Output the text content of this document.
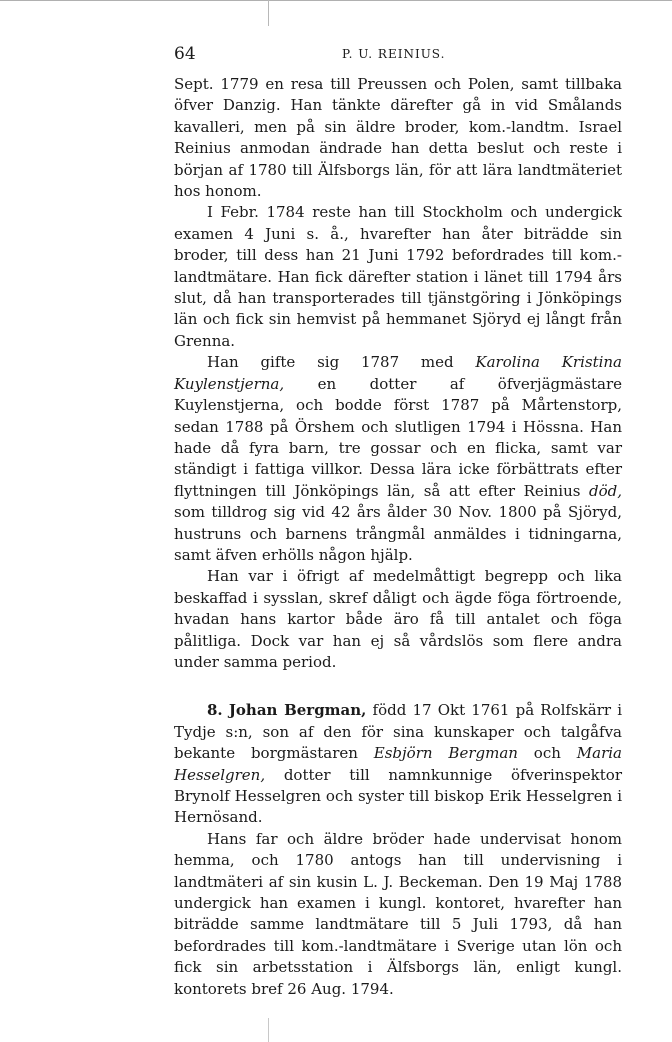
64	P. U. REINIUS.

Sept. 1779 en resa till Preussen och Polen, samt tillbaka öfver Danzig. Han tänkte därefter gå in vid Smålands kavalleri, men på sin äldre broder, kom.-landtm. Israel Reinius anmodan ändrade han detta beslut och reste i början af 1780 till Älfsborgs län, för att lära landtmäteriet hos honom.

I Febr. 1784 reste han till Stockholm och undergick examen 4 Juni s. å., hvarefter han åter biträdde sin broder, till dess han 21 Juni 1792 befordrades till kom.-landtmätare. Han fick därefter station i länet till 1794 års slut, då han transporterades till tjänstgöring i Jönköpings län och fick sin hemvist på hemmanet Sjöryd ej långt från Grenna.

Han gifte sig 1787 med Karolina Kristina Kuylenstjerna, en dotter af öfverjägmästare Kuylenstjerna, och bodde först 1787 på Mårtenstorp, sedan 1788 på Örshem och slutligen 1794 i Hössna. Han hade då fyra barn, tre gossar och en flicka, samt var ständigt i fattiga villkor. Dessa lära icke förbättrats efter flyttningen till Jönköpings län, så att efter Reinius död, som tilldrog sig vid 42 års ålder 30 Nov. 1800 på Sjöryd, hustruns och barnens trångmål anmäldes i tidningarna, samt äfven erhölls någon hjälp.

Han var i öfrigt af medelmåttigt begrepp och lika beskaffad i sysslan, skref dåligt och ägde föga förtroende, hvadan hans kartor både äro få till antalet och föga pålitliga. Dock var han ej så vårdslös som flere andra under samma period.

8. Johan Bergman, född 17 Okt 1761 på Rolfskärr i Tydje s:n, son af den för sina kunskaper och talgåfva bekante borgmästaren Esbjörn Bergman och Maria Hesselgren, dotter till namnkunnige öfverinspektor Brynolf Hesselgren och syster till biskop Erik Hesselgren i Hernösand.

Hans far och äldre bröder hade undervisat honom hemma, och 1780 antogs han till undervisning i landtmäteri af sin kusin L. J. Beckeman. Den 19 Maj 1788 undergick han examen i kungl. kontoret, hvarefter han biträdde samme landtmätare till 5 Juli 1793, då han befordrades till kom.-landtmätare i Sverige utan lön och fick sin arbetsstation i Älfsborgs län, enligt kungl. kontorets bref 26 Aug. 1794.
